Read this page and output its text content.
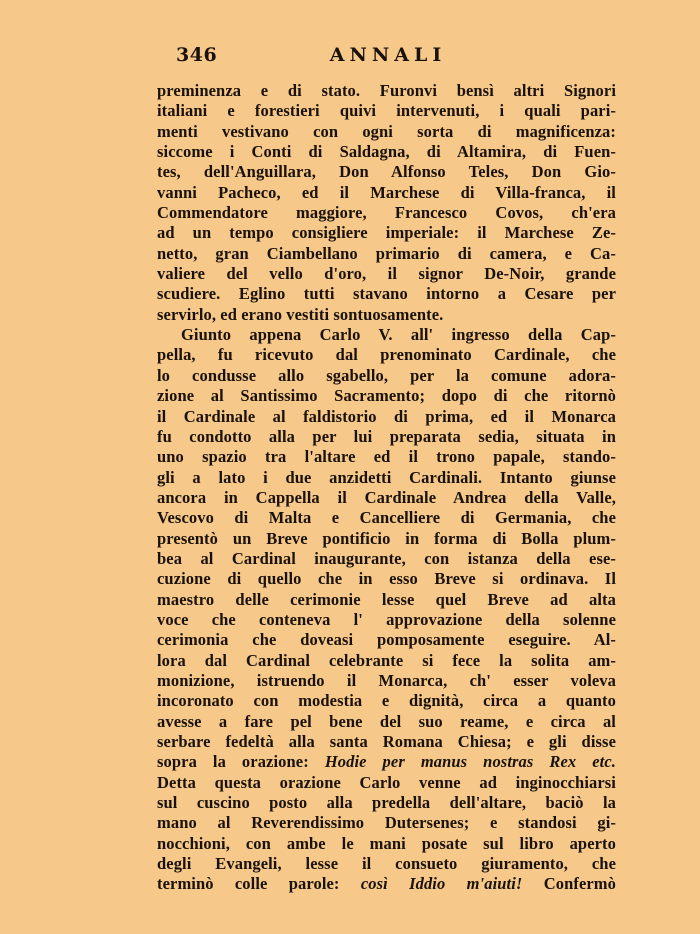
346	ANNALI
preminenza e di stato. Furonvi bensì altri Signori
italiani e forestieri quivi intervenuti, i quali pari-
menti vestivano con ogni sorta di magnificenza:
siccome i Conti di Saldagna, di Altamira, di Fuen-
tes, dell'Anguillara, Don Alfonso Teles, Don Gio-
vanni Pacheco, ed il Marchese di Villa-franca, il
Commendatore maggiore, Francesco Covos, ch'era
ad un tempo consigliere imperiale: il Marchese Ze-
netto, gran Ciambellano primario di camera, e Ca-
valiere del vello d'oro, il signor De-Noir, grande
scudiere. Eglino tutti stavano intorno a Cesare per
servirlo, ed erano vestiti sontuosamente.
Giunto appena Carlo V. all' ingresso della Cap-
pella, fu ricevuto dal prenominato Cardinale, che
lo condusse allo sgabello, per la comune adora-
zione al Santissimo Sacramento; dopo di che ritornò
il Cardinale al faldistorio di prima, ed il Monarca
fu condotto alla per lui preparata sedia, situata in
uno spazio tra l'altare ed il trono papale, stando-
gli a lato i due anzidetti Cardinali. Intanto giunse
ancora in Cappella il Cardinale Andrea della Valle,
Vescovo di Malta e Cancelliere di Germania, che
presentò un Breve pontificio in forma di Bolla plum-
bea al Cardinal inaugurante, con istanza della ese-
cuzione di quello che in esso Breve si ordinava. Il
maestro delle cerimonie lesse quel Breve ad alta
voce che conteneva l' approvazione della solenne
cerimonia che doveasi pomposamente eseguire. Al-
lora dal Cardinal celebrante si fece la solita am-
monizione, istruendo il Monarca, ch' esser voleva
incoronato con modestia e dignità, circa a quanto
avesse a fare pel bene del suo reame, e circa al
serbare fedeltà alla santa Romana Chiesa; e gli disse
sopra la orazione: Hodie per manus nostras Rex etc.
Detta questa orazione Carlo venne ad inginocchiarsi
sul cuscino posto alla predella dell'altare, baciò la
mano al Reverendissimo Dutersenes; e standosi gi-
nocchioni, con ambe le mani posate sul libro aperto
degli Evangeli, lesse il consueto giuramento, che
terminò colle parole: così Iddio m'aiuti! Confermò
